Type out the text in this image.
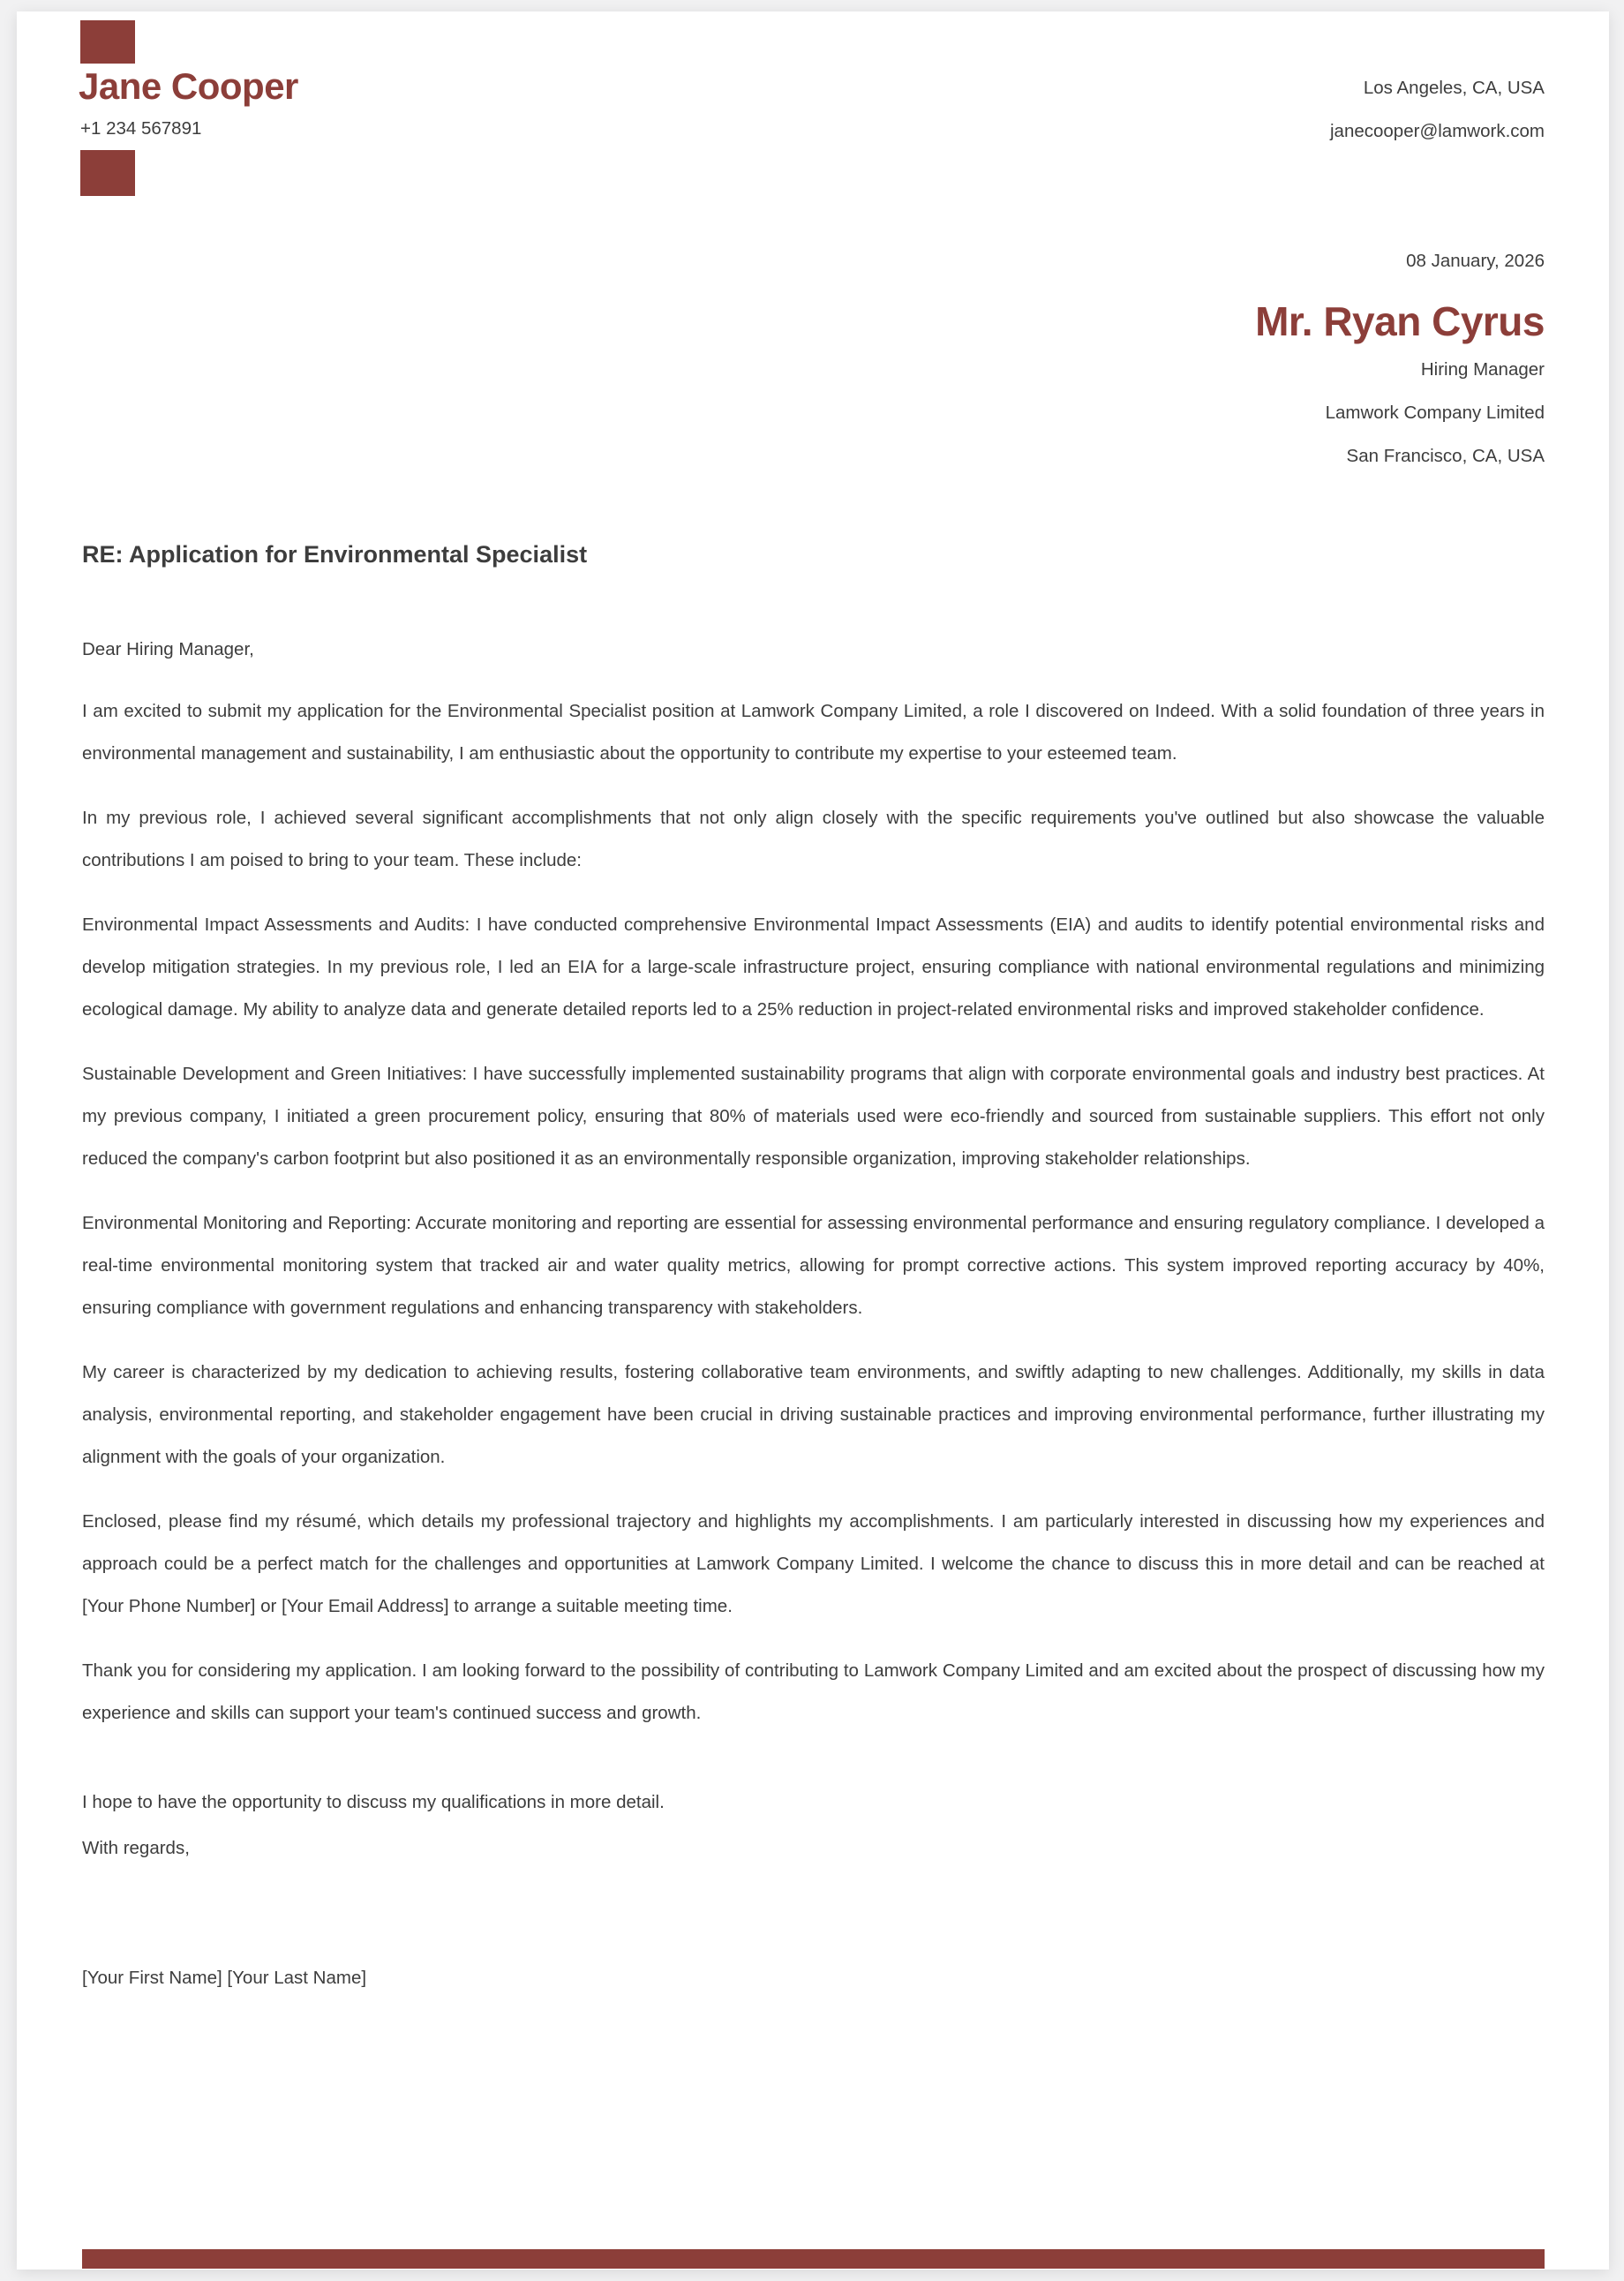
Jane Cooper
+1 234 567891
Los Angeles, CA, USA
janecooper@lamwork.com
08 January, 2026
Mr. Ryan Cyrus
Hiring Manager
Lamwork Company Limited
San Francisco, CA, USA
RE: Application for Environmental Specialist
Dear Hiring Manager,

I am excited to submit my application for the Environmental Specialist position at Lamwork Company Limited, a role I discovered on Indeed. With a solid foundation of three years in environmental management and sustainability, I am enthusiastic about the opportunity to contribute my expertise to your esteemed team.

In my previous role, I achieved several significant accomplishments that not only align closely with the specific requirements you've outlined but also showcase the valuable contributions I am poised to bring to your team. These include:

Environmental Impact Assessments and Audits: I have conducted comprehensive Environmental Impact Assessments (EIA) and audits to identify potential environmental risks and develop mitigation strategies. In my previous role, I led an EIA for a large-scale infrastructure project, ensuring compliance with national environmental regulations and minimizing ecological damage. My ability to analyze data and generate detailed reports led to a 25% reduction in project-related environmental risks and improved stakeholder confidence.

Sustainable Development and Green Initiatives: I have successfully implemented sustainability programs that align with corporate environmental goals and industry best practices. At my previous company, I initiated a green procurement policy, ensuring that 80% of materials used were eco-friendly and sourced from sustainable suppliers. This effort not only reduced the company's carbon footprint but also positioned it as an environmentally responsible organization, improving stakeholder relationships.

Environmental Monitoring and Reporting: Accurate monitoring and reporting are essential for assessing environmental performance and ensuring regulatory compliance. I developed a real-time environmental monitoring system that tracked air and water quality metrics, allowing for prompt corrective actions. This system improved reporting accuracy by 40%, ensuring compliance with government regulations and enhancing transparency with stakeholders.

My career is characterized by my dedication to achieving results, fostering collaborative team environments, and swiftly adapting to new challenges. Additionally, my skills in data analysis, environmental reporting, and stakeholder engagement have been crucial in driving sustainable practices and improving environmental performance, further illustrating my alignment with the goals of your organization.

Enclosed, please find my résumé, which details my professional trajectory and highlights my accomplishments. I am particularly interested in discussing how my experiences and approach could be a perfect match for the challenges and opportunities at Lamwork Company Limited. I welcome the chance to discuss this in more detail and can be reached at [Your Phone Number] or [Your Email Address] to arrange a suitable meeting time.

Thank you for considering my application. I am looking forward to the possibility of contributing to Lamwork Company Limited and am excited about the prospect of discussing how my experience and skills can support your team's continued success and growth.

I hope to have the opportunity to discuss my qualifications in more detail.
With regards,
[Your First Name] [Your Last Name]
